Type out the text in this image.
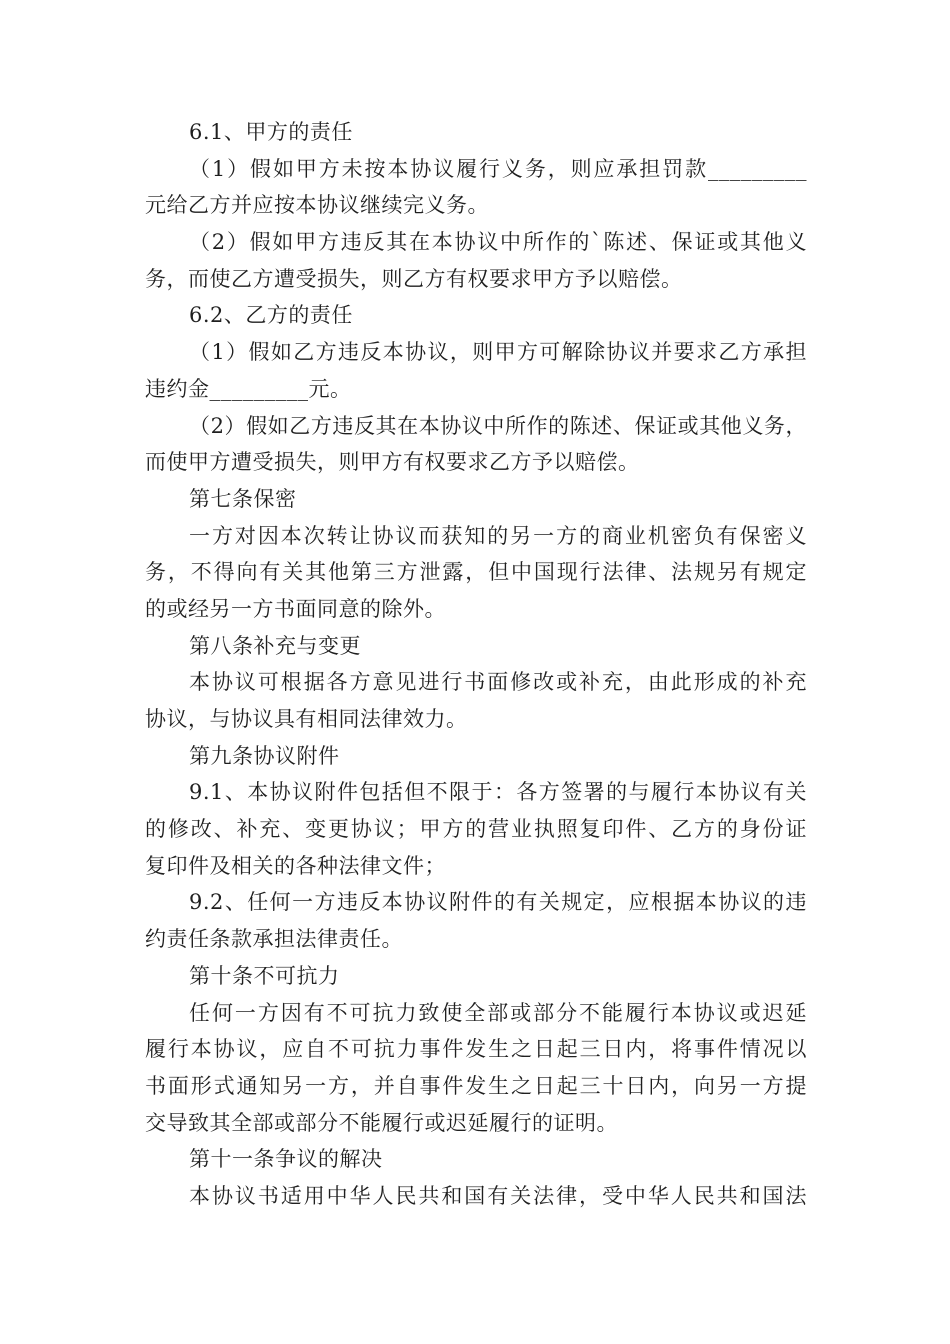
6.1、甲方的责任
（1）假如甲方未按本协议履行义务，则应承担罚款_________
元给乙方并应按本协议继续完义务。
（2）假如甲方违反其在本协议中所作的`陈述、保证或其他义
务，而使乙方遭受损失，则乙方有权要求甲方予以赔偿。
6.2、乙方的责任
（1）假如乙方违反本协议，则甲方可解除协议并要求乙方承担
违约金_________元。
（2）假如乙方违反其在本协议中所作的陈述、保证或其他义务，
而使甲方遭受损失，则甲方有权要求乙方予以赔偿。
第七条保密
一方对因本次转让协议而获知的另一方的商业机密负有保密义
务，不得向有关其他第三方泄露，但中国现行法律、法规另有规定
的或经另一方书面同意的除外。
第八条补充与变更
本协议可根据各方意见进行书面修改或补充，由此形成的补充
协议，与协议具有相同法律效力。
第九条协议附件
9.1、本协议附件包括但不限于：各方签署的与履行本协议有关
的修改、补充、变更协议；甲方的营业执照复印件、乙方的身份证
复印件及相关的各种法律文件；
9.2、任何一方违反本协议附件的有关规定，应根据本协议的违
约责任条款承担法律责任。
第十条不可抗力
任何一方因有不可抗力致使全部或部分不能履行本协议或迟延
履行本协议，应自不可抗力事件发生之日起三日内，将事件情况以
书面形式通知另一方，并自事件发生之日起三十日内，向另一方提
交导致其全部或部分不能履行或迟延履行的证明。
第十一条争议的解决
本协议书适用中华人民共和国有关法律，受中华人民共和国法
